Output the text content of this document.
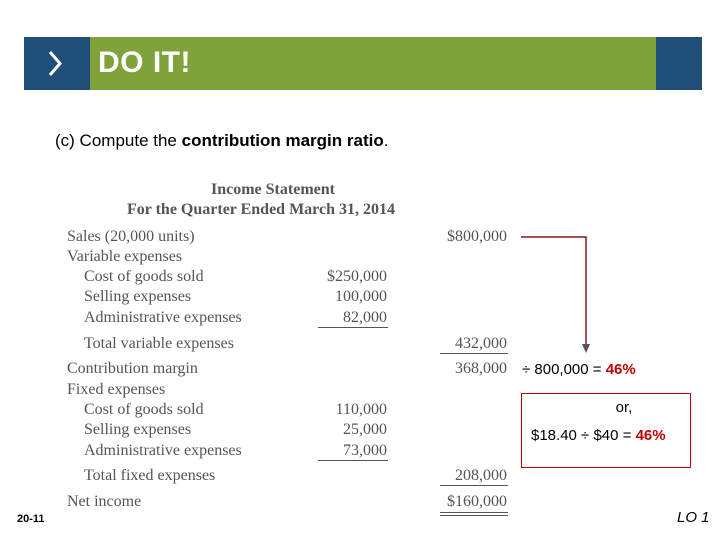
DO IT!
(c) Compute the contribution margin ratio.
Income Statement
For the Quarter Ended March 31, 2014
Sales (20,000 units)	$800,000
Variable expenses
Cost of goods sold	$250,000
Selling expenses	100,000
Administrative expenses	82,000
Total variable expenses	432,000
Contribution margin	368,000
Fixed expenses
Cost of goods sold	110,000
Selling expenses	25,000
Administrative expenses	73,000
Total fixed expenses	208,000
Net income	$160,000
÷ 800,000 = 46%
or,
$18.40 ÷ $40 = 46%
20-11	LO 1
